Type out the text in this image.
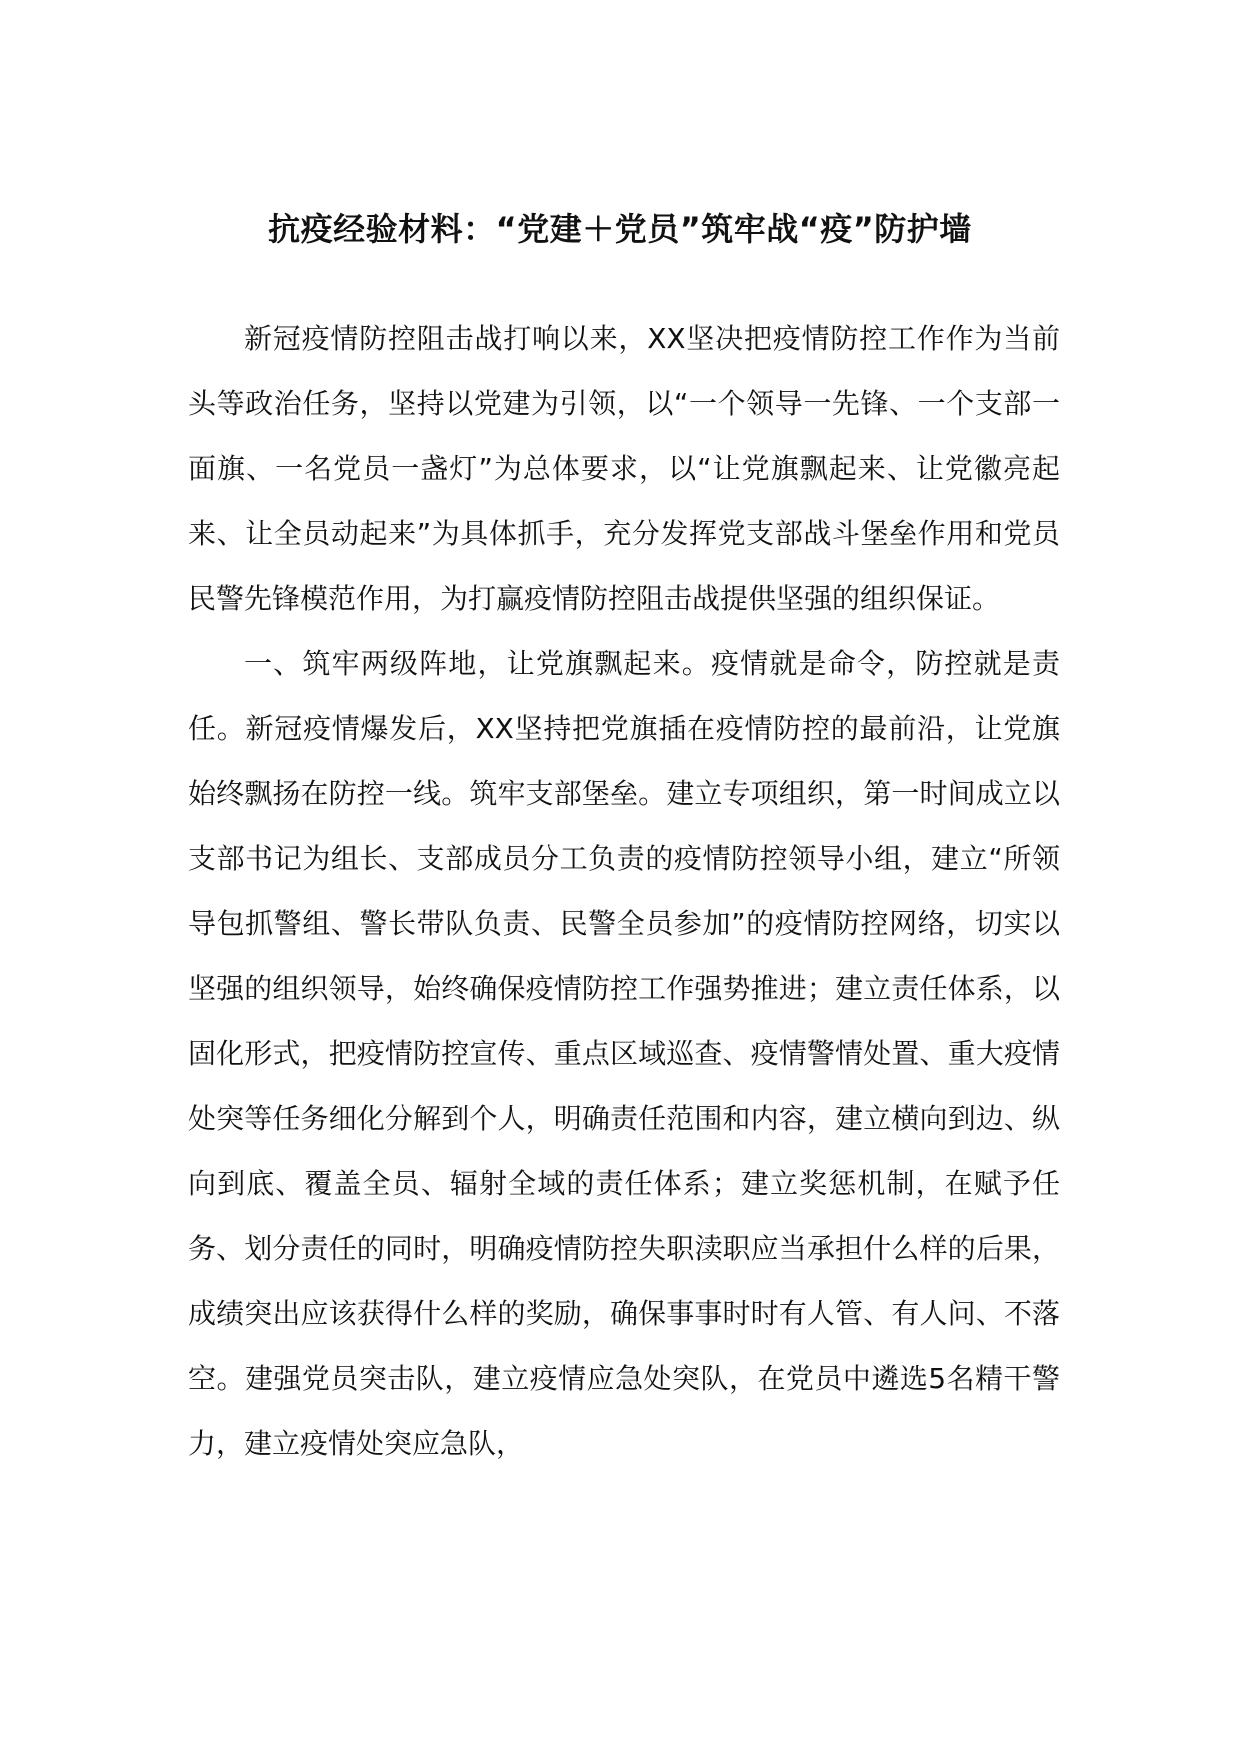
抗疫经验材料：“党建＋党员”筑牢战“疫”防护墙

新冠疫情防控阻击战打响以来，XX坚决把疫情防控工作作为当前头等政治任务，坚持以党建为引领，以“一个领导一先锋、一个支部一面旗、一名党员一盏灯”为总体要求，以“让党旗飘起来、让党徽亮起来、让全员动起来”为具体抓手，充分发挥党支部战斗堡垒作用和党员民警先锋模范作用，为打赢疫情防控阻击战提供坚强的组织保证。

一、筑牢两级阵地，让党旗飘起来。疫情就是命令，防控就是责任。新冠疫情爆发后，XX坚持把党旗插在疫情防控的最前沿，让党旗始终飘扬在防控一线。筑牢支部堡垒。建立专项组织，第一时间成立以支部书记为组长、支部成员分工负责的疫情防控领导小组，建立“所领导包抓警组、警长带队负责、民警全员参加”的疫情防控网络，切实以坚强的组织领导，始终确保疫情防控工作强势推进；建立责任体系，以固化形式，把疫情防控宣传、重点区域巡查、疫情警情处置、重大疫情处突等任务细化分解到个人，明确责任范围和内容，建立横向到边、纵向到底、覆盖全员、辐射全域的责任体系；建立奖惩机制，在赋予任务、划分责任的同时，明确疫情防控失职渎职应当承担什么样的后果，成绩突出应该获得什么样的奖励，确保事事时时有人管、有人问、不落空。建强党员突击队，建立疫情应急处突队，在党员中遴选5名精干警力，建立疫情处突应急队，
